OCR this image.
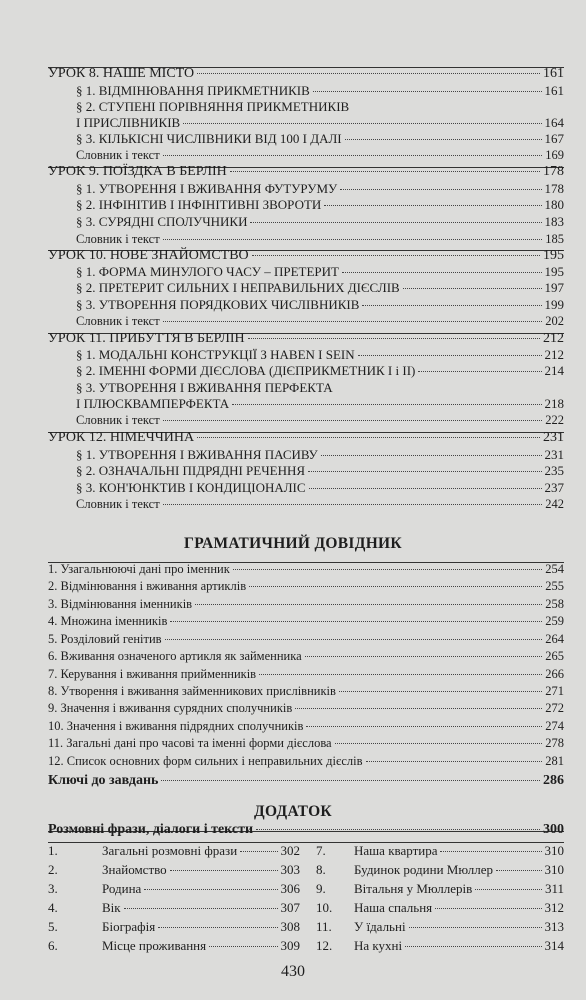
УРОК 8. НАШЕ МІСТО	161
§ 1. ВІДМІНЮВАННЯ ПРИКМЕТНИКІВ	161
§ 2. СТУПЕНІ ПОРІВНЯННЯ ПРИКМЕТНИКІВ
І ПРИСЛІВНИКІВ	164
§ 3. КІЛЬКІСНІ ЧИСЛІВНИКИ ВІД 100 І ДАЛІ	167
Словник і текст	169
УРОК 9. ПОЇЗДКА В БЕРЛІН	178
§ 1. УТВОРЕННЯ І ВЖИВАННЯ ФУТУРУМУ	178
§ 2. ІНФІНІТИВ І ІНФІНІТИВНІ ЗВОРОТИ	180
§ 3. СУРЯДНІ СПОЛУЧНИКИ	183
Словник і текст	185
УРОК 10. НОВЕ ЗНАЙОМСТВО	195
§ 1. ФОРМА МИНУЛОГО ЧАСУ – ПРЕТЕРИТ	195
§ 2. ПРЕТЕРИТ СИЛЬНИХ І НЕПРАВИЛЬНИХ ДІЄСЛІВ	197
§ 3. УТВОРЕННЯ ПОРЯДКОВИХ ЧИСЛІВНИКІВ	199
Словник і текст	202
УРОК 11. ПРИБУТТЯ В БЕРЛІН	212
§ 1. МОДАЛЬНІ КОНСТРУКЦІЇ З HABEN І SEIN	212
§ 2. ІМЕННІ ФОРМИ ДІЄСЛОВА (ДІЄПРИКМЕТНИК І і ІІ)	214
§ 3. УТВОРЕННЯ І ВЖИВАННЯ ПЕРФЕКТА
І ПЛЮСКВАМПЕРФЕКТА	218
Словник і текст	222
УРОК 12. НІМЕЧЧИНА	231
§ 1. УТВОРЕННЯ І ВЖИВАННЯ ПАСИВУ	231
§ 2. ОЗНАЧАЛЬНІ ПІДРЯДНІ РЕЧЕННЯ	235
§ 3. КОН'ЮНКТИВ І КОНДИЦІОНАЛІС	237
Словник і текст	242
ГРАМАТИЧНИЙ ДОВІДНИК
1. Узагальнюючі дані про іменник	254
2. Відмінювання і вживання артиклів	255
3. Відмінювання іменників	258
4. Множина іменників	259
5. Розділовий генітив	264
6. Вживання означеного артикля як займенника	265
7. Керування і вживання прийменників	266
8. Утворення і вживання займенникових прислівників	271
9. Значення і вживання сурядних сполучників	272
10. Значення і вживання підрядних сполучників	274
11. Загальні дані про часові та іменні форми дієслова	278
12. Список основних форм сильних і неправильних дієслів	281
Ключі до завдань	286
ДОДАТОК
Розмовні фрази, діалоги і тексти	300
1.	Загальні розмовні фрази	302
2.	Знайомство	303
3.	Родина	306
4.	Вік	307
5.	Біографія	308
6.	Місце проживання	309
7.	Наша квартира	310
8.	Будинок родини Мюллер	310
9.	Вітальня у Мюллерів	311
10.	Наша спальня	312
11.	У їдальні	313
12.	На кухні	314
430
